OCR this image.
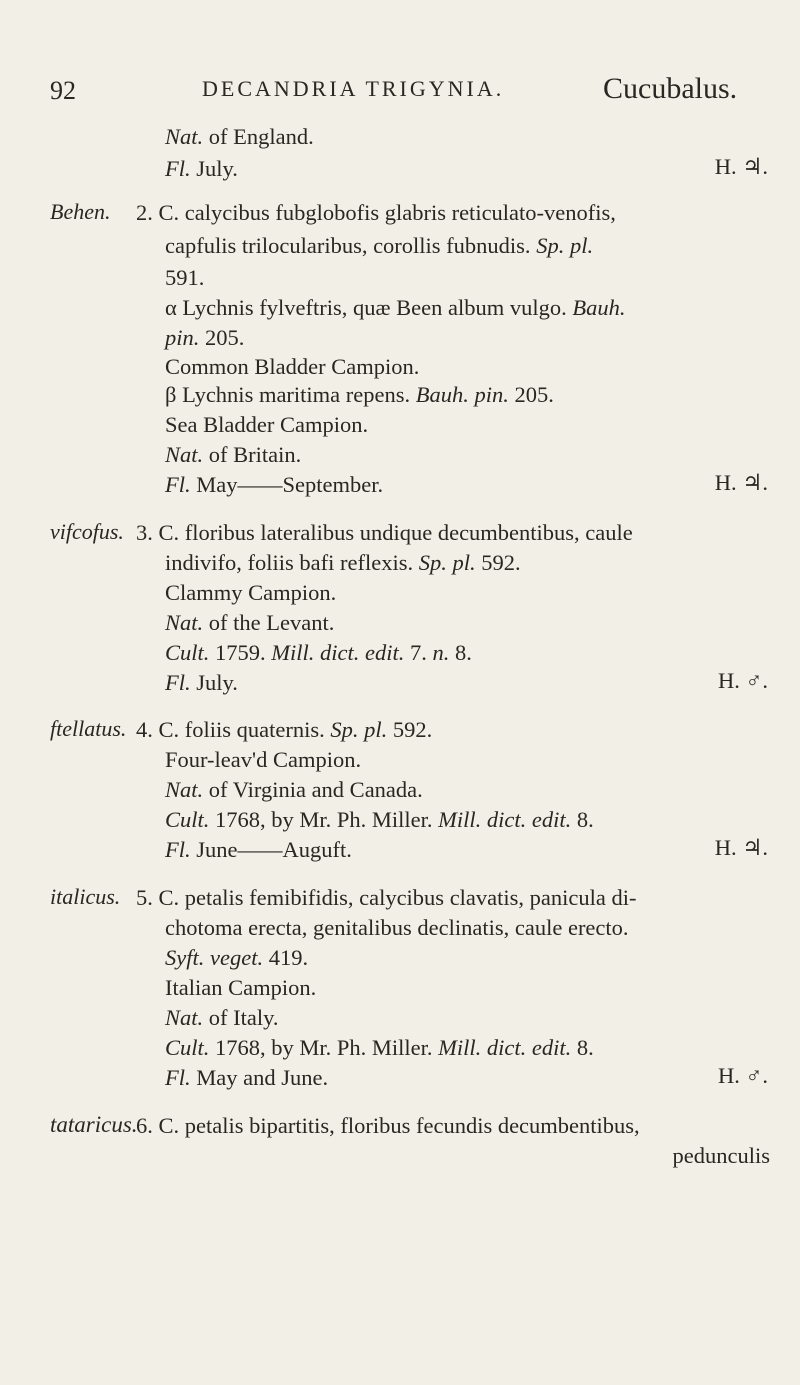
92	DECANDRIA TRIGYNIA.	Cucubalus.
Nat. of England.
Fl. July.	H. ♃.
Behen. 2. C. calycibus fubglobofis glabris reticulato-venofis,
capfulis trilocularibus, corollis fubnudis. Sp. pl.
591.
α Lychnis fylveftris, quæ Been album vulgo. Bauh.
pin. 205.
Common Bladder Campion.
β Lychnis maritima repens. Bauh. pin. 205.
Sea Bladder Campion.
Nat. of Britain.
Fl. May——September.	H. ♃.
vifcofus. 3. C. floribus lateralibus undique decumbentibus, caule
indivifo, foliis bafi reflexis. Sp. pl. 592.
Clammy Campion.
Nat. of the Levant.
Cult. 1759. Mill. dict. edit. 7. n. 8.
Fl. July.	H. ♂.
ftellatus. 4. C. foliis quaternis. Sp. pl. 592.
Four-leav'd Campion.
Nat. of Virginia and Canada.
Cult. 1768, by Mr. Ph. Miller. Mill. dict. edit. 8.
Fl. June——Auguft.	H. ♃.
italicus. 5. C. petalis femibifidis, calycibus clavatis, panicula di-
chotoma erecta, genitalibus declinatis, caule erecto.
Syft. veget. 419.
Italian Campion.
Nat. of Italy.
Cult. 1768, by Mr. Ph. Miller. Mill. dict. edit. 8.
Fl. May and June.	H. ♂.
tataricus.
6. C. petalis bipartitis, floribus fecundis decumbentibus,
pedunculis
